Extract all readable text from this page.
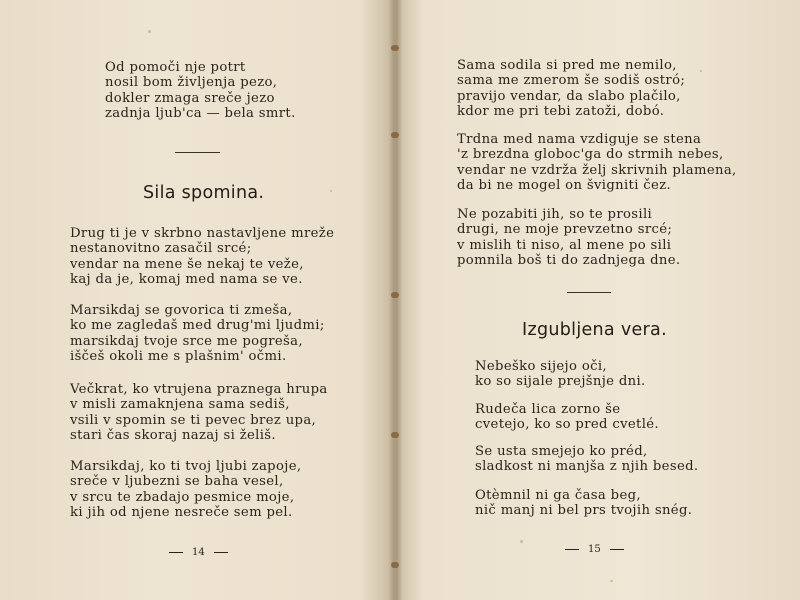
Od pomoči nje potrt
nosil bom življenja pezo,
dokler zmaga sreče jezo
zadnja ljub'ca — bela smrt.

Sila spomina.

Drug ti je v skrbno nastavljene mreže
nestanovitno zasačil srcé;
vendar na mene še nekaj te veže,
kaj da je, komaj med nama se ve.

Marsikdaj se govorica ti zmeša,
ko me zagledaš med drug'mi ljudmi;
marsikdaj tvoje srce me pogreša,
iščeš okoli me s plašnim' očmi.

Večkrat, ko vtrujena praznega hrupa
v misli zamaknjena sama sediš,
vsili v spomin se ti pevec brez upa,
stari čas skoraj nazaj si želiš.

Marsikdaj, ko ti tvoj ljubi zapoje,
sreče v ljubezni se baha vesel,
v srcu te zbadajo pesmice moje,
ki jih od njene nesreče sem pel.

14

Sama sodila si pred me nemilo,
sama me zmerom še sodiš ostró;
pravijo vendar, da slabo plačilo,
kdor me pri tebi zatoži, dobó.

Trdna med nama vzdiguje se stena
'z brezdna globoc'ga do strmih nebes,
vendar ne vzdrža želj skrivnih plamena,
da bi ne mogel on švigniti čez.

Ne pozabiti jih, so te prosili
drugi, ne moje prevzetno srcé;
v mislih ti niso, al mene po sili
pomnila boš ti do zadnjega dne.

Izgubljena vera.

Nebeško sijejo oči,
ko so sijale prejšnje dni.

Rudeča lica zorno še
cvetejo, ko so pred cvetlé.

Se usta smejejo ko préd,
sladkost ni manjša z njih besed.

Otèmnil ni ga časa beg,
nič manj ni bel prs tvojih snég.

15
